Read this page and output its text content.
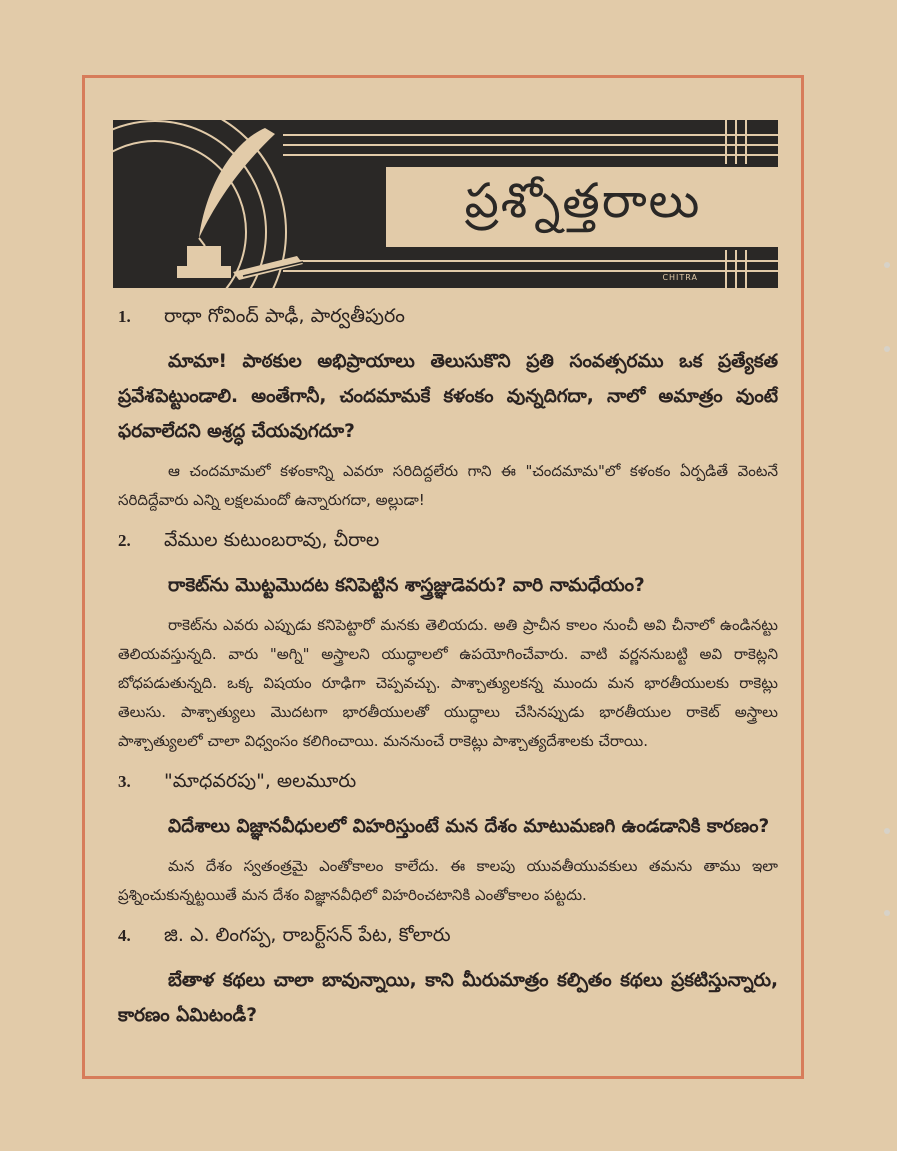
ప్రశ్నోత్తరాలు
CHITRA
1.	రాధా గోవింద్ పాఢీ, పార్వతీపురం

మామా! పాఠకుల అభిప్రాయాలు తెలుసుకొని ప్రతి సంవత్సరము ఒక ప్రత్యేకత ప్రవేశపెట్టుండాలి. అంతేగానీ, చందమామకే కళంకం వున్నదిగదా, నాలో అమాత్రం వుంటే ఫరవాలేదని అశ్రద్ధ చేయవుగదూ?

ఆ చందమామలో కళంకాన్ని ఎవరూ సరిదిద్దలేరు గాని ఈ "చందమామ"లో కళంకం ఏర్పడితే వెంటనే సరిదిద్దేవారు ఎన్ని లక్షలమందో ఉన్నారుగదా, అల్లుడా!

2.	వేముల కుటుంబరావు, చీరాల

రాకెట్‌ను మొట్టమొదట కనిపెట్టిన శాస్త్రజ్ఞుడెవరు? వారి నామధేయం?

రాకెట్‌ను ఎవరు ఎప్పుడు కనిపెట్టారో మనకు తెలియదు. అతి ప్రాచీన కాలం నుంచీ అవి చీనాలో ఉండినట్టు తెలియవస్తున్నది. వారు "అగ్ని" అస్త్రాలని యుద్ధాలలో ఉపయోగించేవారు. వాటి వర్ణననుబట్టి అవి రాకెట్లని బోధపడుతున్నది. ఒక్క విషయం రూఢిగా చెప్పవచ్చు. పాశ్చాత్యులకన్న ముందు మన భారతీయులకు రాకెట్లు తెలుసు. పాశ్చాత్యులు మొదటగా భారతీయులతో యుద్ధాలు చేసినప్పుడు భారతీయుల రాకెట్ అస్త్రాలు పాశ్చాత్యులలో చాలా విధ్వంసం కలిగించాయి. మననుంచే రాకెట్లు పాశ్చాత్యదేశాలకు చేరాయి.

3.	"మాధవరపు", అలమూరు

విదేశాలు విజ్ఞానవీధులలో విహరిస్తుంటే మన దేశం మాటుమణగి ఉండడానికి కారణం?

మన దేశం స్వతంత్రమై ఎంతోకాలం కాలేదు. ఈ కాలపు యువతీయువకులు తమను తాము ఇలా ప్రశ్నించుకున్నట్టయితే మన దేశం విజ్ఞానవీధిలో విహరించటానికి ఎంతోకాలం పట్టదు.

4.	జి. ఎ. లింగప్ప, రాబర్ట్‌సన్ పేట, కోలారు

బేతాళ కథలు చాలా బావున్నాయి, కాని మీరుమాత్రం కల్పితం కథలు ప్రకటిస్తున్నారు, కారణం ఏమిటండీ?
